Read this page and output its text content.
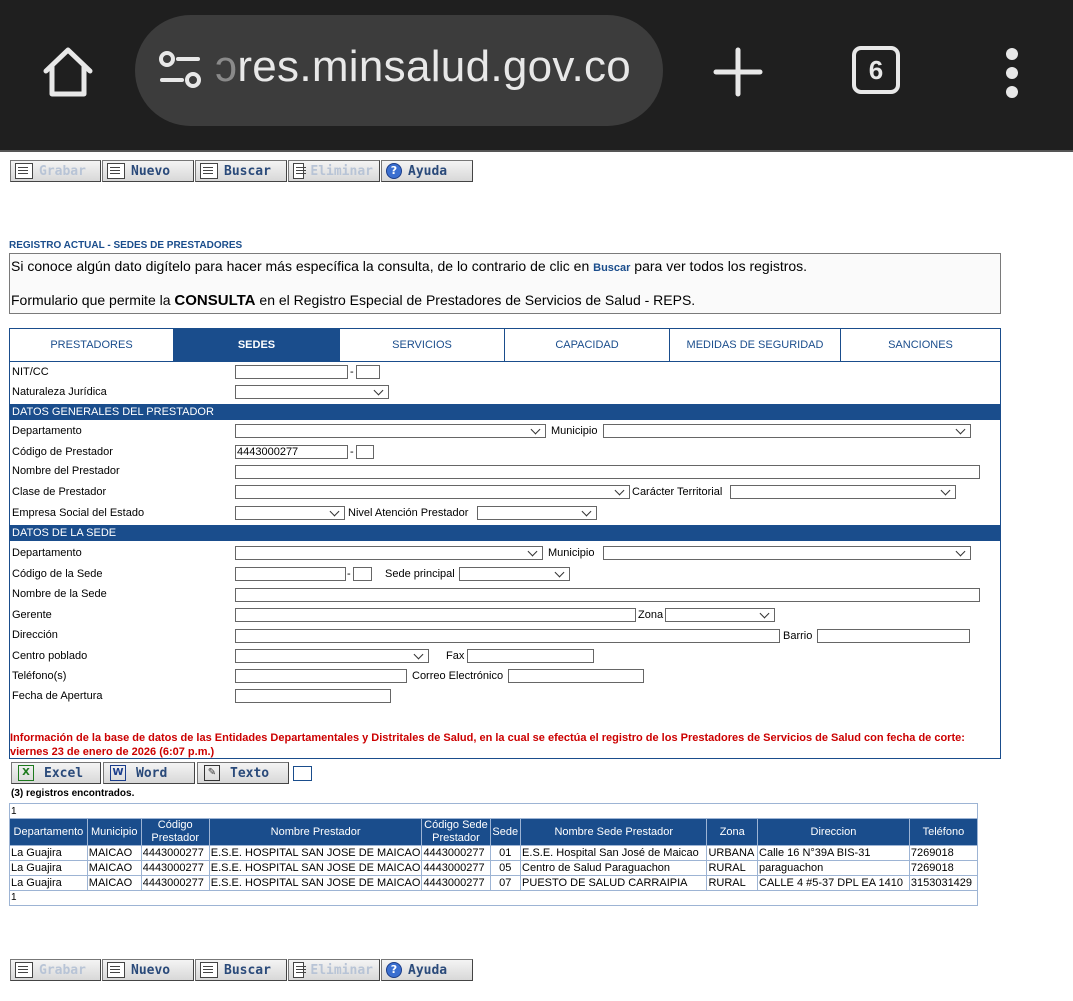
ɔres.minsalud.gov.co	6
Grabar	Nuevo	Buscar	Eliminar	? Ayuda
REGISTRO ACTUAL - SEDES DE PRESTADORES
Si conoce algún dato digítelo para hacer más específica la consulta, de lo contrario de clic en Buscar para ver todos los registros.
Formulario que permite la CONSULTA en el Registro Especial de Prestadores de Servicios de Salud - REPS.
PRESTADORES	SEDES	SERVICIOS	CAPACIDAD	MEDIDAS DE SEGURIDAD	SANCIONES
NIT/CC	-
Naturaleza Jurídica
DATOS GENERALES DEL PRESTADOR
Departamento	Municipio
Código de Prestador	4443000277	-
Nombre del Prestador
Clase de Prestador	Carácter Territorial
Empresa Social del Estado	Nivel Atención Prestador
DATOS DE LA SEDE
Departamento	Municipio
Código de la Sede	-	Sede principal
Nombre de la Sede
Gerente	Zona
Dirección	Barrio
Centro poblado	Fax
Teléfono(s)	Correo Electrónico
Fecha de Apertura
Información de la base de datos de las Entidades Departamentales y Distritales de Salud, en la cual se efectúa el registro de los Prestadores de Servicios de Salud con fecha de corte: viernes 23 de enero de 2026 (6:07 p.m.)
X	Excel	W Word	✎ Texto
(3) registros encontrados.
1									
Departamento	Municipio	Código Prestador	Nombre Prestador	Código Sede Prestador	Sede	Nombre Sede Prestador	Zona	Direccion	Teléfono
La Guajira	MAICAO	4443000277	E.S.E. HOSPITAL SAN JOSE DE MAICAO	4443000277	01	E.S.E. Hospital San José de Maicao	URBANA	Calle 16 N°39A BIS-31	7269018
La Guajira	MAICAO	4443000277	E.S.E. HOSPITAL SAN JOSE DE MAICAO	4443000277	05	Centro de Salud Paraguachon	RURAL	paraguachon	7269018
La Guajira	MAICAO	4443000277	E.S.E. HOSPITAL SAN JOSE DE MAICAO	4443000277	07	PUESTO DE SALUD CARRAIPIA	RURAL	CALLE 4 #5-37 DPL EA 1410	3153031429
1									
Grabar	Nuevo	Buscar	Eliminar	? Ayuda
